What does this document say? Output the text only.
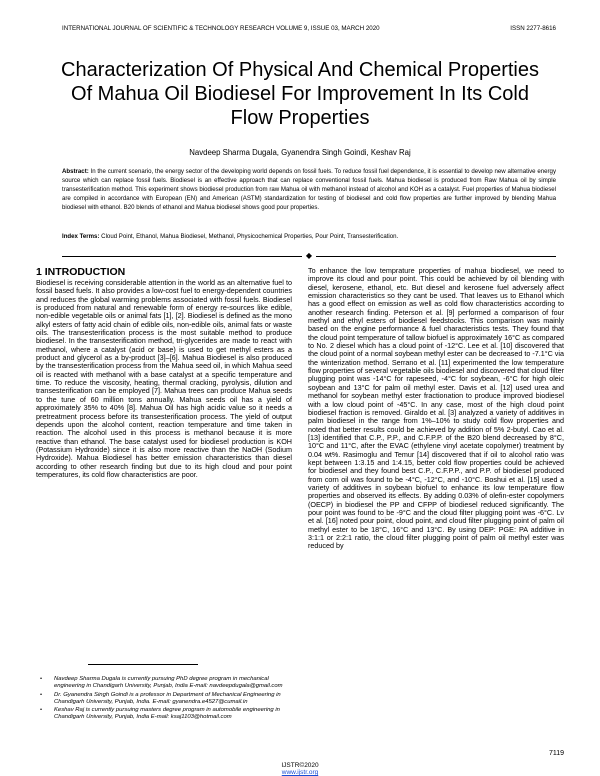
INTERNATIONAL JOURNAL OF SCIENTIFIC & TECHNOLOGY RESEARCH VOLUME 9, ISSUE 03, MARCH 2020	ISSN 2277-8616
Characterization Of Physical And Chemical Properties Of Mahua Oil Biodiesel For Improvement In Its Cold Flow Properties
Navdeep Sharma Dugala, Gyanendra Singh Goindi, Keshav Raj

Abstract: In the current scenario, the energy sector of the developing world depends on fossil fuels. To reduce fossil fuel dependence, it is essential to develop new alternative energy source which can replace fossil fuels. Biodiesel is an effective approach that can replace conventional fossil fuels. Mahua biodiesel is produced from Raw Mahua oil by simple transesterification method. This experiment shows biodiesel production from raw Mahua oil with methanol instead of alcohol and KOH as a catalyst. Fuel properties of Mahua biodiesel are compiled in accordance with European (EN) and American (ASTM) standardization for testing of biodiesel and cold flow properties are further improved by blending Mahua biodiesel with ethanol. B20 blends of ethanol and Mahua biodiesel shows good pour properties.

Index Terms: Cloud Point, Ethanol, Mahua Biodiesel, Methanol, Physicochemical Properties, Pour Point, Transesterification.

◆
1 INTRODUCTION

Biodiesel is receiving considerable attention in the world as an alternative fuel to fossil based fuels. It also provides a low-cost fuel to energy-dependent countries and reduces the global warming problems associated with fossil fuels. Biodiesel is produced from natural and renewable form of energy re-sources like edible, non-edible vegetable oils or animal fats [1], [2]. Biodiesel is defined as the mono alkyl esters of fatty acid chain of edible oils, non-edible oils, animal fats or waste oils. The transesterification process is the most suitable method to produce biodiesel. In the transesterification method, tri-glycerides are made to react with methanol, where a catalyst (acid or base) is used to get methyl esters as a product and glycerol as a by-product [3]–[6]. Mahua Biodiesel is also produced by the transesterification process from the Mahua seed oil, in which Mahua seed oil is reacted with methanol with a base catalyst at a specific temperature and time. To reduce the viscosity, heating, thermal cracking, pyrolysis, dilution and transesterification can be employed [7]. Mahua trees can produce Mahua seeds to the tune of 60 million tons annually. Mahua seeds oil has a yield of approximately 35% to 40% [8]. Mahua Oil has high acidic value so it needs a pretreatment process before its transesterification process. The yield of output depends upon the alcohol content, reaction temperature and time taken in reaction. The alcohol used in this process is methanol because it is more reactive than ethanol. The base catalyst used for biodiesel production is KOH (Potassium Hydroxide) since it is also more reactive than the NaOH (Sodium Hydroxide). Mahua Biodiesel has better emission characteristics than diesel according to other research finding but due to its high cloud and pour point temperatures, its cold flow characteristics are poor.

To enhance the low temprature properties of mahua biodiesel, we need to improve its cloud and pour point. This could be achieved by oil blending with diesel, kerosene, ethanol, etc. But diesel and kerosene fuel adversely affect emission characteristics so they cant be used. That leaves us to Ethanol which has a good effect on emission as well as cold flow characteristics according to another research finding. Peterson et al. [9] performed a comparison of four methyl and ethyl esters of biodiesel feedstocks. This comparison was mainly based on the engine performance & fuel characteristics tests. They found that the cloud point temperature of tallow biofuel is approximately 16°C as compared to No. 2 diesel which has a cloud point of -12°C. Lee et al. [10] discovered that the cloud point of a normal soybean methyl ester can be decreased to -7.1°C via the winterization method. Serrano et al. [11] experimented the low temperature flow properties of several vegetable oils biodiesel and discovered that cloud filter plugging point was -14°C for rapeseed, -4°C for soybean, -6°C for high oleic soybean and 13°C for palm oil methyl ester. Davis et al. [12] used urea and methanol for soybean methyl ester fractionation to produce improved biodiesel with a low cloud point of -45°C. In any case, most of the high cloud point biodiesel fraction is removed. Giraldo et al. [3] analyzed a variety of additives in palm biodiesel in the range from 1%–10% to study cold flow properties and noted that better results could be achieved by addition of 5% 2-butyl. Cao et al. [13] identified that C.P., P.P., and C.F.P.P. of the B20 blend decreased by 8°C, 10°C and 11°C, after the EVAC (ethylene vinyl acetate copolymer) treatment by 0.04 wt%. Rasimoglu and Temur [14] discovered that if oil to alcohol ratio was kept between 1:3.15 and 1:4.15, better cold flow properties could be achieved for biodiesel and they found best C.P., C.F.P.P., and P.P. of biodiesel produced from corn oil was found to be -4°C, -12°C, and -10°C. Boshui et al. [15] used a variety of additives in soybean biofuel to enhance its low temperature flow properties and observed its effects. By adding 0.03% of olefin-ester copolymers (OECP) in biodiesel the PP and CFPP of biodiesel reduced significantly. The pour point was found to be -9°C and the cloud filter plugging point was -6°C. Lv et al. [16] noted pour point, cloud point, and cloud filter plugging point of palm oil methyl ester to be 18°C, 16°C and 13°C. By using DEP: PGE: PA additive in 3:1:1 or 2:2:1 ratio, the cloud filter plugging point of palm oil methyl ester was reduced by

• Navdeep Sharma Dugala is currently pursuing PhD degree program in mechanical engineering in Chandigarh University, Punjab, India E-mail: navdeepdugala@gmail.com
• Dr. Gyanendra Singh Goindi is a professor in Department of Mechanical Engineering in Chandigarh University, Punjab, India. E-mail: gyanendra.e4527@cumail.in
• Keshav Raj is currently pursuing masters degree program in automobile engineering in Chandigarh University, Punjab, India E-mail: ksaj1103@hotmail.com
7119
IJSTR©2020
www.ijstr.org
